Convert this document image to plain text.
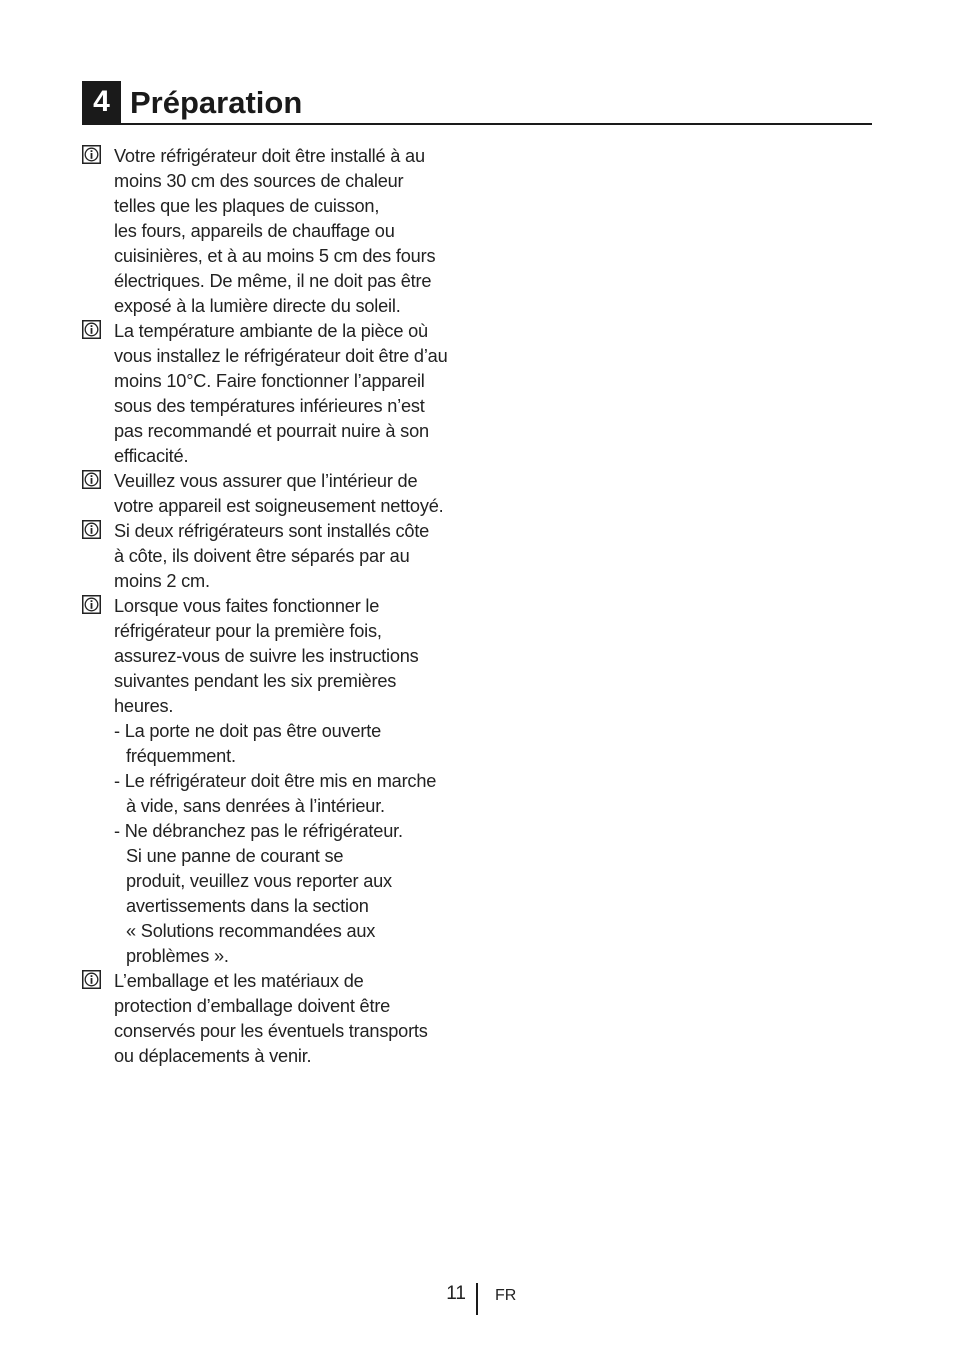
4 Préparation
Votre réfrigérateur doit être installé à au
moins 30 cm des sources de chaleur
telles que les plaques de cuisson,
les fours, appareils de chauffage ou
cuisinières, et à au moins 5 cm des fours
électriques. De même, il ne doit pas être
exposé à la lumière directe du soleil.
La température ambiante de la pièce où
vous installez le réfrigérateur doit être d’au
moins 10°C. Faire fonctionner l’appareil
sous des températures inférieures n’est
pas recommandé et pourrait nuire à son
efficacité.
Veuillez vous assurer que l’intérieur de
votre appareil est soigneusement nettoyé.
Si deux réfrigérateurs sont installés côte
à côte, ils doivent être séparés par au
moins 2 cm.
Lorsque vous faites fonctionner le
réfrigérateur pour la première fois,
assurez-vous de suivre les instructions
suivantes pendant les six premières
heures.
- La porte ne doit pas être ouverte
fréquemment.
- Le réfrigérateur doit être mis en marche
à vide, sans denrées à l’intérieur.
- Ne débranchez pas le réfrigérateur.
Si une panne de courant se
produit, veuillez vous reporter aux
avertissements dans la section
« Solutions recommandées aux
problèmes ».
L’emballage et les matériaux de
protection d’emballage doivent être
conservés pour les éventuels transports
ou déplacements à venir.
11 FR
